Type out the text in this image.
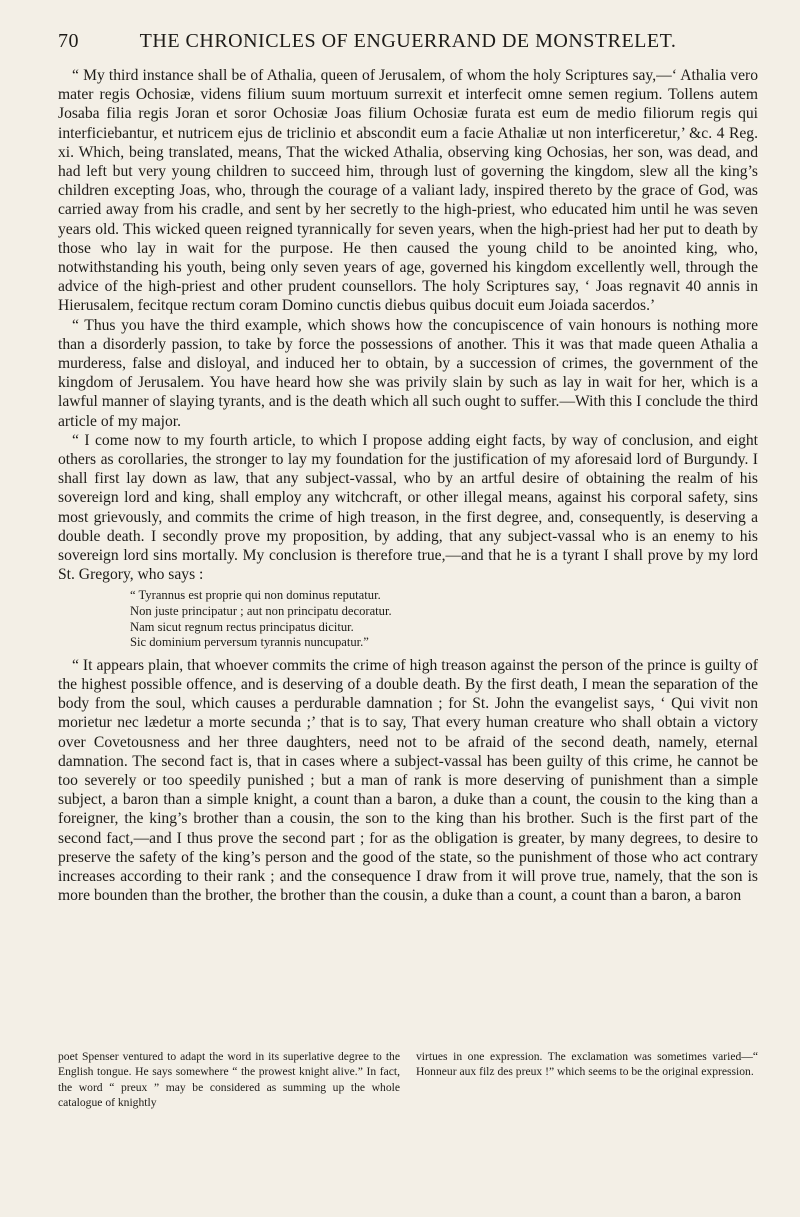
70	THE CHRONICLES OF ENGUERRAND DE MONSTRELET.

“ My third instance shall be of Athalia, queen of Jerusalem, of whom the holy Scriptures say,—‘ Athalia vero mater regis Ochosiæ, videns filium suum mortuum surrexit et interfecit omne semen regium. Tollens autem Josaba filia regis Joran et soror Ochosiæ Joas filium Ochosiæ furata est eum de medio filiorum regis qui interficiebantur, et nutricem ejus de triclinio et abscondit eum a facie Athaliæ ut non interficeretur,’ &c. 4 Reg. xi. Which, being translated, means, That the wicked Athalia, observing king Ochosias, her son, was dead, and had left but very young children to succeed him, through lust of governing the kingdom, slew all the king’s children excepting Joas, who, through the courage of a valiant lady, inspired thereto by the grace of God, was carried away from his cradle, and sent by her secretly to the high-priest, who educated him until he was seven years old. This wicked queen reigned tyrannically for seven years, when the high-priest had her put to death by those who lay in wait for the purpose. He then caused the young child to be anointed king, who, notwithstanding his youth, being only seven years of age, governed his kingdom excellently well, through the advice of the high-priest and other prudent counsellors. The holy Scriptures say, ‘ Joas regnavit 40 annis in Hierusalem, fecitque rectum coram Domino cunctis diebus quibus docuit eum Joiada sacerdos.’

“ Thus you have the third example, which shows how the concupiscence of vain honours is nothing more than a disorderly passion, to take by force the possessions of another. This it was that made queen Athalia a murderess, false and disloyal, and induced her to obtain, by a succession of crimes, the government of the kingdom of Jerusalem. You have heard how she was privily slain by such as lay in wait for her, which is a lawful manner of slaying tyrants, and is the death which all such ought to suffer.—With this I conclude the third article of my major.

“ I come now to my fourth article, to which I propose adding eight facts, by way of conclusion, and eight others as corollaries, the stronger to lay my foundation for the justification of my aforesaid lord of Burgundy. I shall first lay down as law, that any subject-vassal, who by an artful desire of obtaining the realm of his sovereign lord and king, shall employ any witchcraft, or other illegal means, against his corporal safety, sins most grievously, and commits the crime of high treason, in the first degree, and, consequently, is deserving a double death. I secondly prove my proposition, by adding, that any subject-vassal who is an enemy to his sovereign lord sins mortally. My conclusion is therefore true,—and that he is a tyrant I shall prove by my lord St. Gregory, who says :

“ Tyrannus est proprie qui non dominus reputatur.
Non juste principatur ; aut non principatu decoratur.
Nam sicut regnum rectus principatus dicitur.
Sic dominium perversum tyrannis nuncupatur.”

“ It appears plain, that whoever commits the crime of high treason against the person of the prince is guilty of the highest possible offence, and is deserving of a double death. By the first death, I mean the separation of the body from the soul, which causes a perdurable damnation ; for St. John the evangelist says, ‘ Qui vivit non morietur nec lædetur a morte secunda ;’ that is to say, That every human creature who shall obtain a victory over Covetousness and her three daughters, need not to be afraid of the second death, namely, eternal damnation. The second fact is, that in cases where a subject-vassal has been guilty of this crime, he cannot be too severely or too speedily punished ; but a man of rank is more deserving of punishment than a simple subject, a baron than a simple knight, a count than a baron, a duke than a count, the cousin to the king than a foreigner, the king’s brother than a cousin, the son to the king than his brother. Such is the first part of the second fact,—and I thus prove the second part ; for as the obligation is greater, by many degrees, to desire to preserve the safety of the king’s person and the good of the state, so the punishment of those who act contrary increases according to their rank ; and the consequence I draw from it will prove true, namely, that the son is more bounden than the brother, the brother than the cousin, a duke than a count, a count than a baron, a baron

poet Spenser ventured to adapt the word in its superlative degree to the English tongue. He says somewhere “ the prowest knight alive.” In fact, the word “ preux ” may be considered as summing up the whole catalogue of knightly
virtues in one expression. The exclamation was sometimes varied—“ Honneur aux filz des preux !” which seems to be the original expression.
